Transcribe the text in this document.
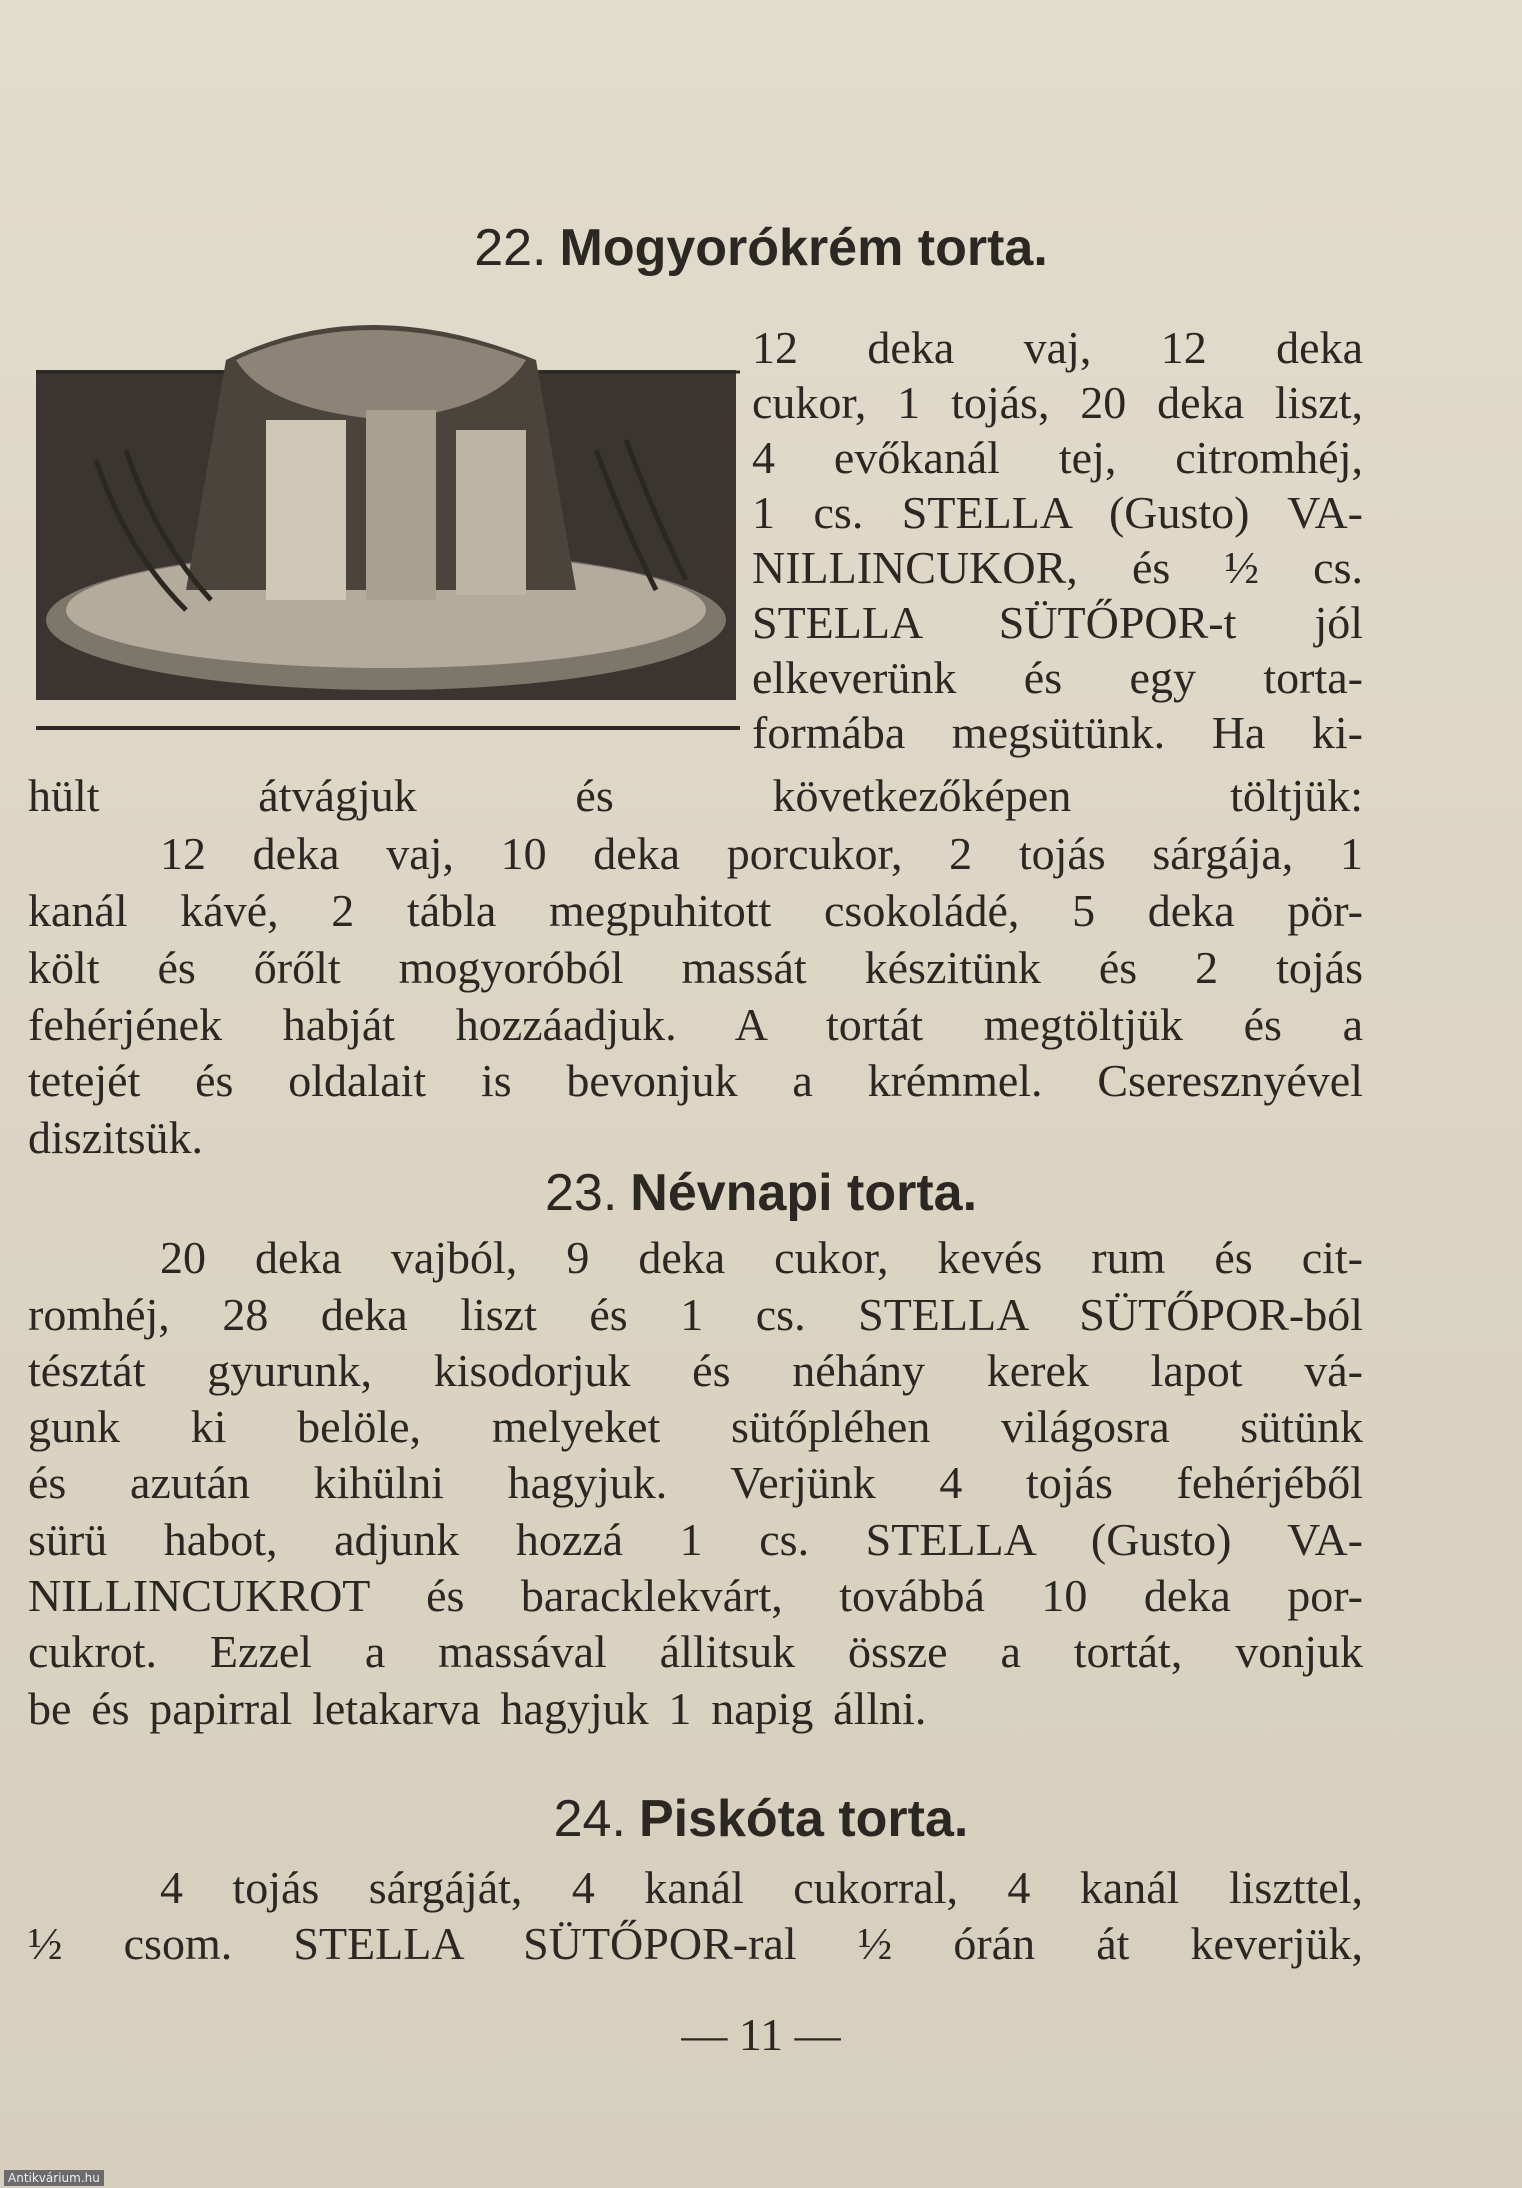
22. Mogyorókrém torta.
12 deka vaj, 12 deka
cukor, 1 tojás, 20 deka liszt,
4 evőkanál tej, citromhéj,
1 cs. STELLA (Gusto) VA-
NILLINCUKOR, és ½ cs.
STELLA SÜTŐPOR-t jól
elkeverünk és egy torta-
formába megsütünk. Ha ki-
hült átvágjuk és következőképen töltjük:
12 deka vaj, 10 deka porcukor, 2 tojás sárgája, 1
kanál kávé, 2 tábla megpuhitott csokoládé, 5 deka pör-
költ és őrőlt mogyoróból massát készitünk és 2 tojás
fehérjének habját hozzáadjuk. A tortát megtöltjük és a
tetejét és oldalait is bevonjuk a krémmel. Cseresznyével
diszitsük.
23. Névnapi torta.
20 deka vajból, 9 deka cukor, kevés rum és cit-
romhéj, 28 deka liszt és 1 cs. STELLA SÜTŐPOR-ból
tésztát gyurunk, kisodorjuk és néhány kerek lapot vá-
gunk ki belöle, melyeket sütőpléhen világosra sütünk
és azután kihülni hagyjuk. Verjünk 4 tojás fehérjéből
sürü habot, adjunk hozzá 1 cs. STELLA (Gusto) VA-
NILLINCUKROT és baracklekvárt, továbbá 10 deka por-
cukrot. Ezzel a massával állitsuk össze a tortát, vonjuk
be és papirral letakarva hagyjuk 1 napig állni.
24. Piskóta torta.
4 tojás sárgáját, 4 kanál cukorral, 4 kanál liszttel,
½ csom. STELLA SÜTŐPOR-ral ½ órán át keverjük,
— 11 —
Antikvárium.hu
